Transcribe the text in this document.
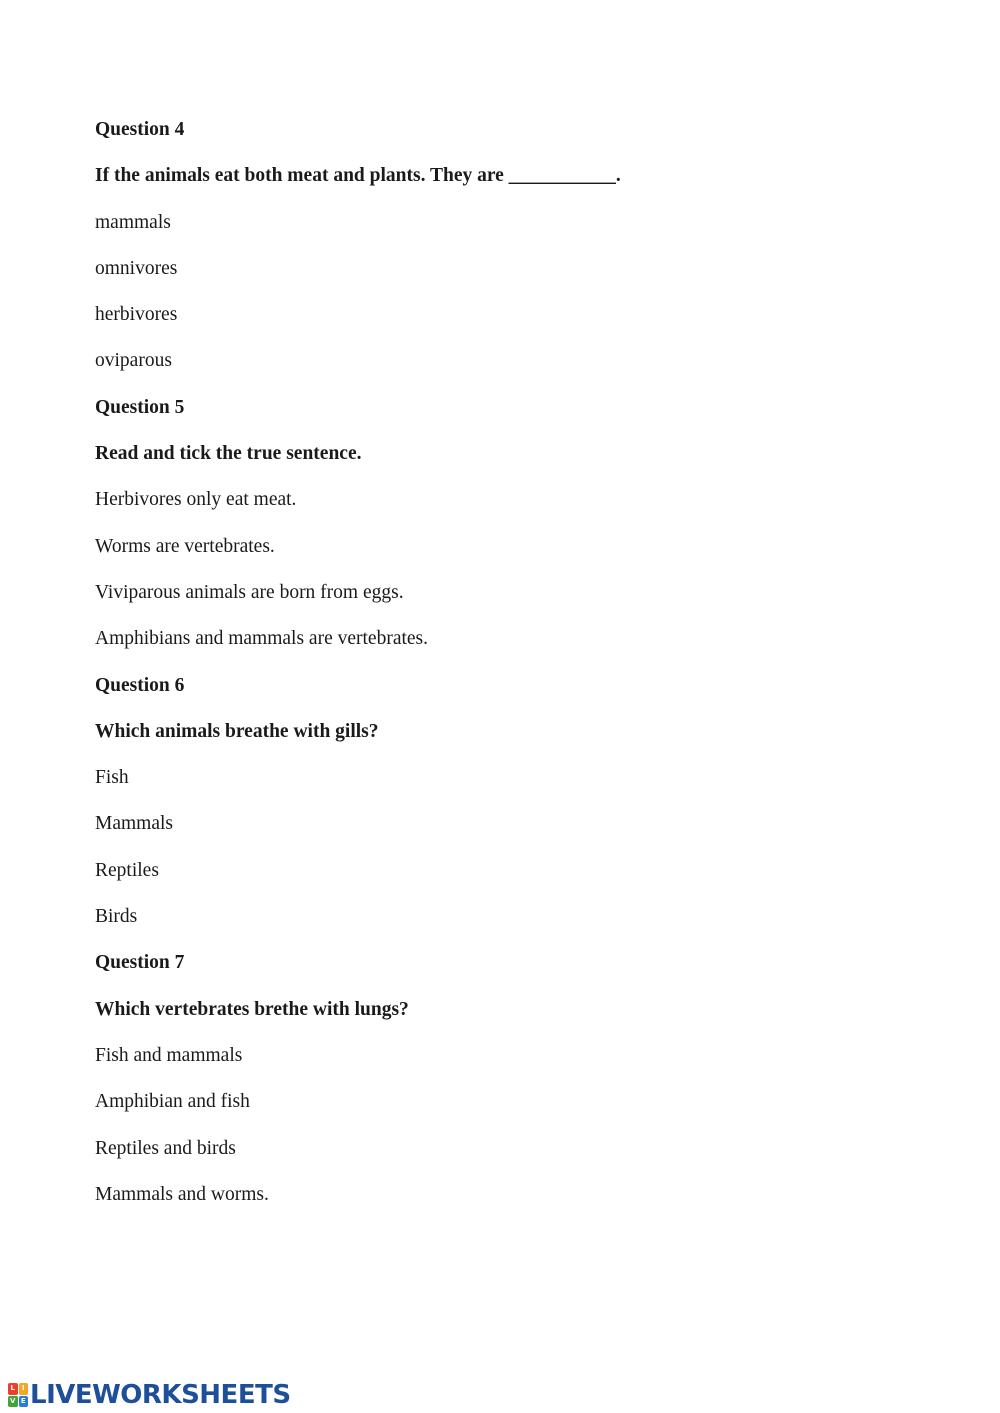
Question 4
If the animals eat both meat and plants. They are ___________.
mammals
omnivores
herbivores
oviparous
Question 5
Read and tick the true sentence.
Herbivores only eat meat.
Worms are vertebrates.
Viviparous animals are born from eggs.
Amphibians and mammals are vertebrates.
Question 6
Which animals breathe with gills?
Fish
Mammals
Reptiles
Birds
Question 7
Which vertebrates brethe with lungs?
Fish and mammals
Amphibian and fish
Reptiles and birds
Mammals and worms.
L I
V E LIVEWORKSHEETS
